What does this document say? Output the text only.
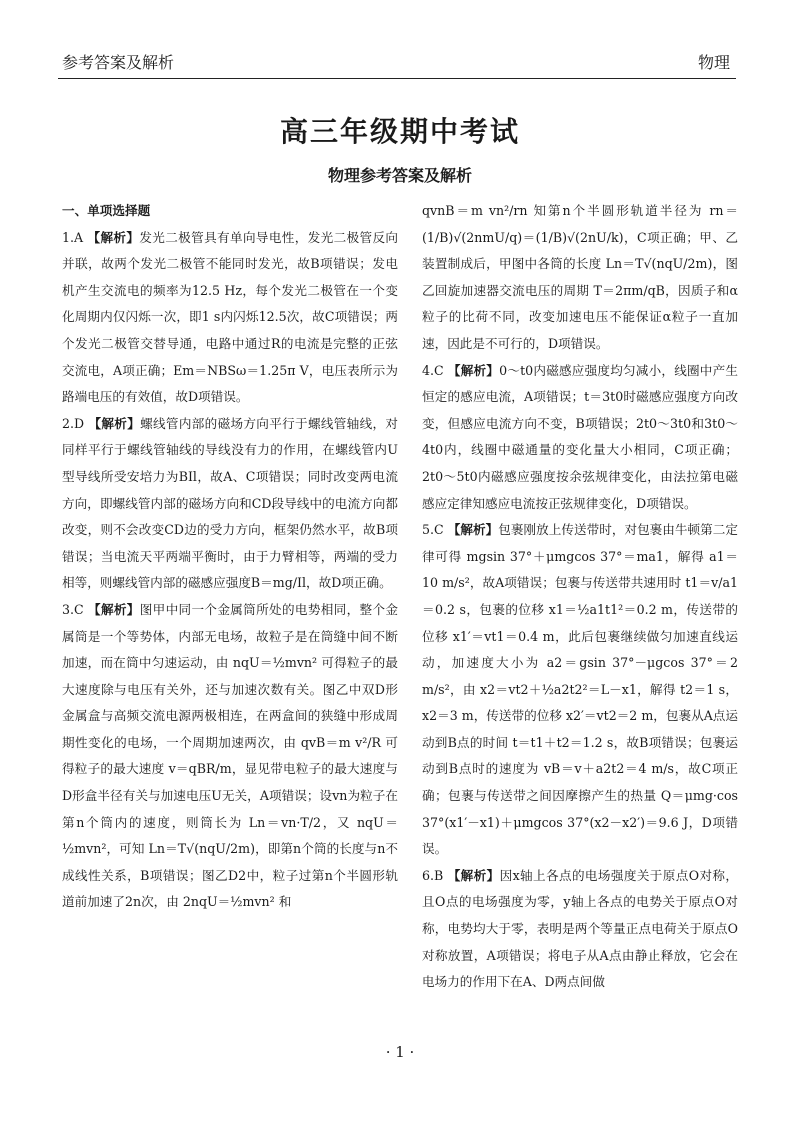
参考答案及解析	物理
高三年级期中考试
物理参考答案及解析
一、单项选择题

1.A 【解析】发光二极管具有单向导电性，发光二极管反向并联，故两个发光二极管不能同时发光，故B项错误；发电机产生交流电的频率为12.5 Hz，每个发光二极管在一个变化周期内仅闪烁一次，即1 s内闪烁12.5次，故C项错误；两个发光二极管交替导通，电路中通过R的电流是完整的正弦交流电，A项正确；Em＝NBSω＝1.25π V，电压表所示为路端电压的有效值，故D项错误。

2.D 【解析】螺线管内部的磁场方向平行于螺线管轴线，对同样平行于螺线管轴线的导线没有力的作用，在螺线管内U型导线所受安培力为BIl，故A、C项错误；同时改变两电流方向，即螺线管内部的磁场方向和CD段导线中的电流方向都改变，则不会改变CD边的受力方向，框架仍然水平，故B项错误；当电流天平两端平衡时，由于力臂相等，两端的受力相等，则螺线管内部的磁感应强度B＝mg/Il，故D项正确。

3.C 【解析】图甲中同一个金属筒所处的电势相同，整个金属筒是一个等势体，内部无电场，故粒子是在筒缝中间不断加速，而在筒中匀速运动，由 nqU＝½mvn² 可得粒子的最大速度除与电压有关外，还与加速次数有关。图乙中双D形金属盒与高频交流电源两极相连，在两盒间的狭缝中形成周期性变化的电场，一个周期加速两次，由 qvB＝m v²/R 可得粒子的最大速度 v＝qBR/m，显见带电粒子的最大速度与D形盒半径有关与加速电压U无关，A项错误；设vn为粒子在第n个筒内的速度，则筒长为 Ln＝vn·T/2，又 nqU＝½mvn²，可知 Ln＝T√(nqU/2m)，即第n个筒的长度与n不成线性关系，B项错误；图乙D2中，粒子过第n个半圆形轨道前加速了2n次，由 2nqU＝½mvn² 和

qvnB＝m vn²/rn 知第n个半圆形轨道半径为 rn＝(1/B)√(2nmU/q)＝(1/B)√(2nU/k)，C项正确；甲、乙装置制成后，甲图中各筒的长度 Ln＝T√(nqU/2m)，图乙回旋加速器交流电压的周期 T＝2πm/qB，因质子和α粒子的比荷不同，改变加速电压不能保证α粒子一直加速，因此是不可行的，D项错误。

4.C 【解析】0～t0内磁感应强度均匀减小，线圈中产生恒定的感应电流，A项错误；t＝3t0时磁感应强度方向改变，但感应电流方向不变，B项错误；2t0～3t0和3t0～4t0内，线圈中磁通量的变化量大小相同，C项正确；2t0～5t0内磁感应强度按余弦规律变化，由法拉第电磁感应定律知感应电流按正弦规律变化，D项错误。

5.C 【解析】包裹刚放上传送带时，对包裹由牛顿第二定律可得 mgsin 37°＋μmgcos 37°＝ma1，解得 a1＝10 m/s²，故A项错误；包裹与传送带共速用时 t1＝v/a1＝0.2 s，包裹的位移 x1＝½a1t1²＝0.2 m，传送带的位移 x1′＝vt1＝0.4 m，此后包裹继续做匀加速直线运动，加速度大小为 a2＝gsin 37°－μgcos 37°＝2 m/s²，由 x2＝vt2＋½a2t2²＝L－x1，解得 t2＝1 s，x2＝3 m，传送带的位移 x2′＝vt2＝2 m，包裹从A点运动到B点的时间 t＝t1＋t2＝1.2 s，故B项错误；包裹运动到B点时的速度为 vB＝v＋a2t2＝4 m/s，故C项正确；包裹与传送带之间因摩擦产生的热量 Q＝μmg·cos 37°(x1′－x1)＋μmgcos 37°(x2－x2′)＝9.6 J，D项错误。

6.B 【解析】因x轴上各点的电场强度关于原点O对称，且O点的电场强度为零，y轴上各点的电势关于原点O对称，电势均大于零，表明是两个等量正点电荷关于原点O对称放置，A项错误；将电子从A点由静止释放，它会在电场力的作用下在A、D两点间做

· 1 ·
